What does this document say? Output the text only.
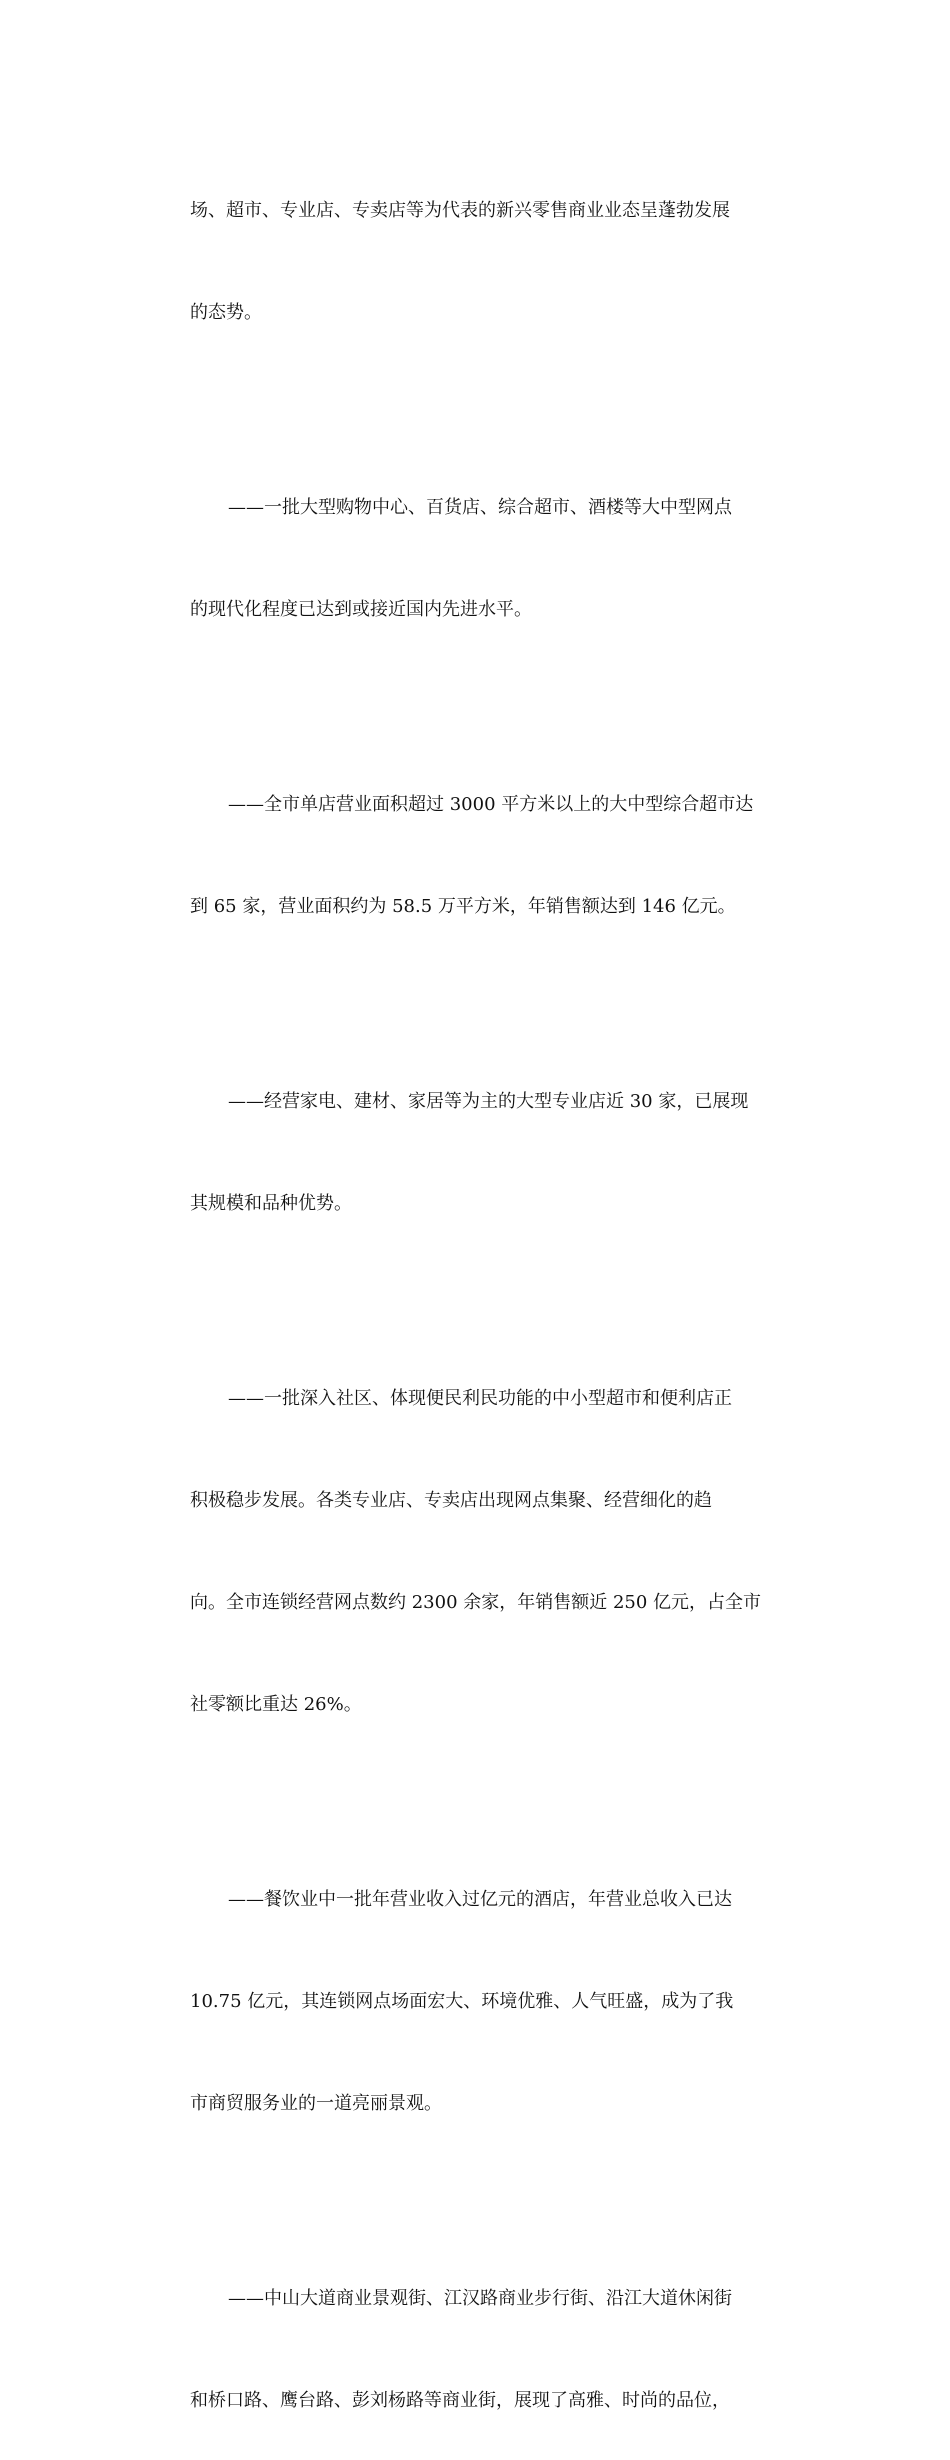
场、超市、专业店、专卖店等为代表的新兴零售商业业态呈蓬勃发展

的态势。

——一批大型购物中心、百货店、综合超市、酒楼等大中型网点

的现代化程度已达到或接近国内先进水平。

——全市单店营业面积超过 3000 平方米以上的大中型综合超市达

到 65 家，营业面积约为 58.5 万平方米，年销售额达到 146 亿元。

——经营家电、建材、家居等为主的大型专业店近 30 家，已展现

其规模和品种优势。

——一批深入社区、体现便民利民功能的中小型超市和便利店正

积极稳步发展。各类专业店、专卖店出现网点集聚、经营细化的趋

向。全市连锁经营网点数约 2300 余家，年销售额近 250 亿元，占全市

社零额比重达 26%。

——餐饮业中一批年营业收入过亿元的酒店，年营业总收入已达

10.75 亿元，其连锁网点场面宏大、环境优雅、人气旺盛，成为了我

市商贸服务业的一道亮丽景观。

——中山大道商业景观街、江汉路商业步行街、沿江大道休闲街

和桥口路、鹰台路、彭刘杨路等商业街，展现了高雅、时尚的品位，
